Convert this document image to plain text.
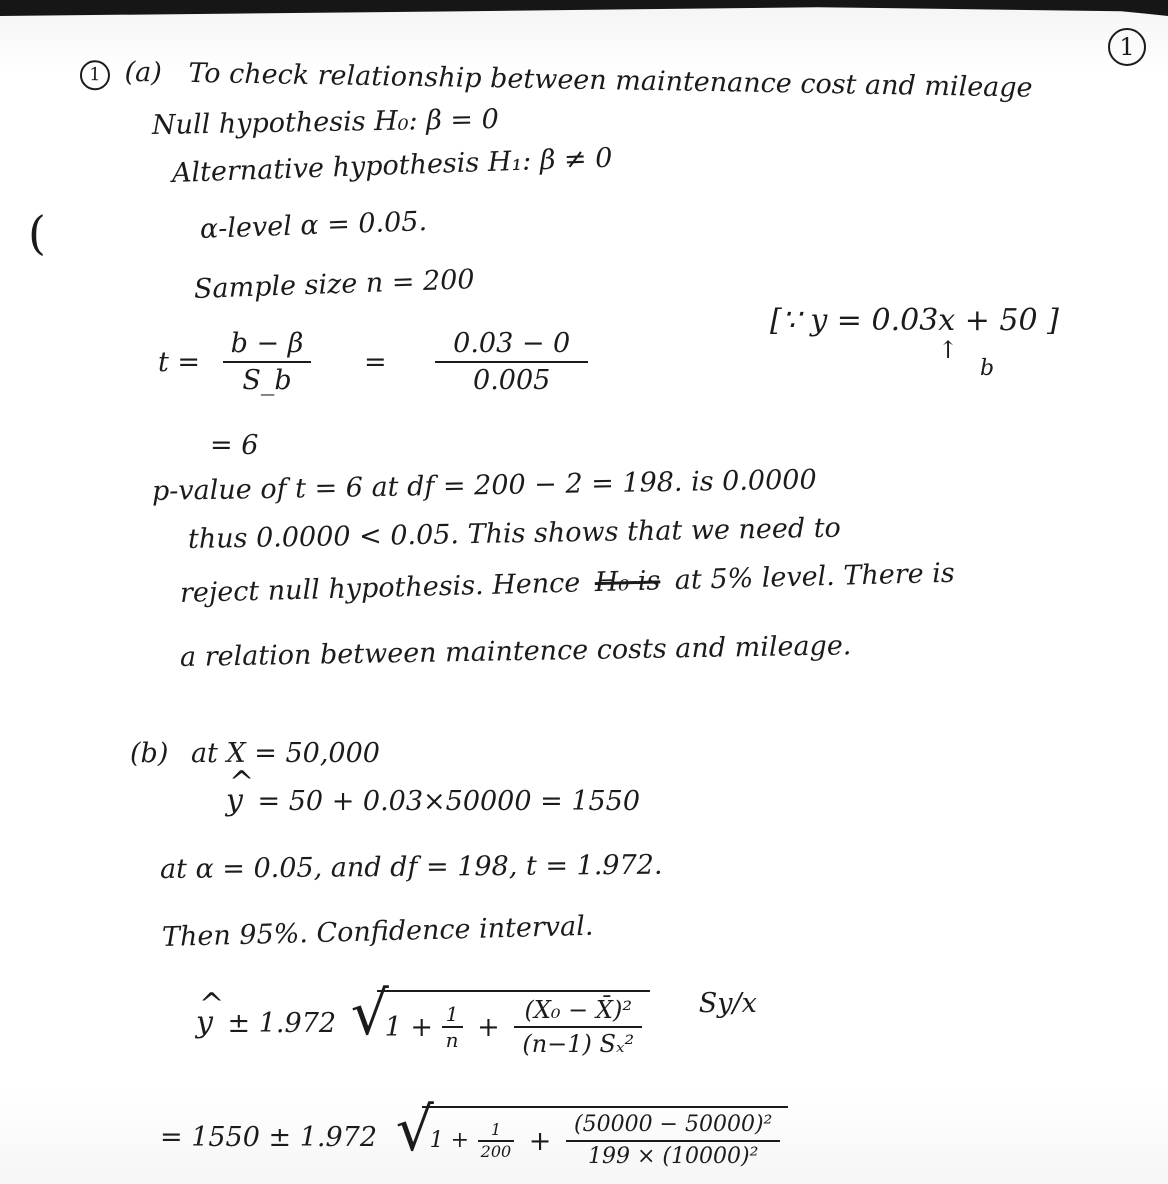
1
(
1 (a) To check relationship between maintenance cost and mileage
Null hypothesis H₀: β = 0
Alternative hypothesis H₁: β ≠ 0
α-level α = 0.05.
Sample size n = 200
$t = \frac{b - \beta}{S\_b} = \frac{0.03 - 0}{0.005}$
[∵ y = 0.03x + 50 ]
↑
b
= 6
p-value of t = 6 at df = 200 − 2 = 198. is 0.0000
thus 0.0000 < 0.05. This shows that we need to
reject null hypothesis. Hence H₀ is at 5% level. There is
a relation between maintence costs and mileage.
(b) at X = 50,000
^ y = 50 + 0.03×50000 = 1550
at α = 0.05, and df = 198, t = 1.972.
Then 95%. Confidence interval.
^ y ± 1.972 √
$1 + \frac{1}{n} + \frac{\text{(X₀ − X̄)²}}{\text{(n−1) Sₓ²}} Sy/x$
= 1550 ± 1.972 √
$1 + \frac{1}{200} + \frac{\text{(50000 − 50000)²}}{\text{199 × (10000)²}}$
